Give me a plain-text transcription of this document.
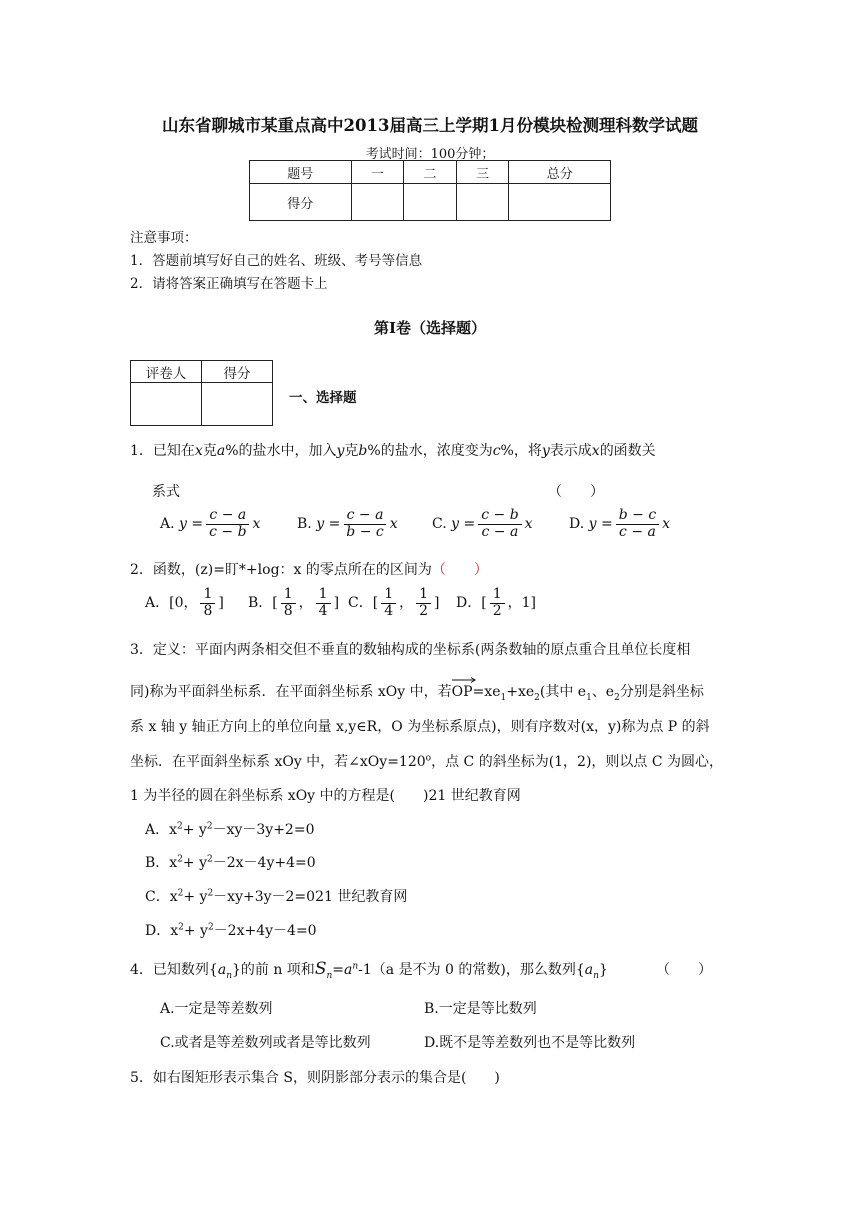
山东省聊城市某重点高中2013届高三上学期1月份模块检测理科数学试题
考试时间：100分钟；
题号	一	二	三	总分
得分				
注意事项：
1．答题前填写好自己的姓名、班级、考号等信息
2．请将答案正确填写在答题卡上
第I卷（选择题）
评卷人	得分

一、选择题
1．已知在x克a%的盐水中，加入y克b%的盐水，浓度变为c%，将y表示成x的函数关
系式	（　　）
A. $y = \frac{c - a}{c - b}$ x	B. $y = \frac{c - a}{b - c}$ x C. $y = \frac{c - b}{c - a}$ x	D. $y = \frac{b - c}{c - a}$ x
2．函数，(z)=盯*+log：x 的零点所在的区间为（　　）
A．[0， $\frac{1}{8}$ ] B．[ $\frac{1}{8}$ ， $\frac{1}{4}$ ] C．[ $\frac{1}{4}$ ， $\frac{1}{2}$ ] D．[ $\frac{1}{2}$ ，1]
3．定义：平面内两条相交但不垂直的数轴构成的坐标系(两条数轴的原点重合且单位长度相
同)称为平面斜坐标系．在平面斜坐标系 xOy 中，若
$OP=xe_1+xe_2$(其中 $e_1$、$e_2$分别是斜坐标
系 x 轴 y 轴正方向上的单位向量 x,y∈R，O 为坐标系原点)，则有序数对(x，y)称为点 P 的斜
坐标．在平面斜坐标系 xOy 中，若$\angle xOy=120^o$，点 C 的斜坐标为(1，2)，则以点 C 为圆心，
1 为半径的圆在斜坐标系 xOy 中的方程是(　　)21 世纪教育网
A．$x^2+ y^2-xy-3y+2=0$
B．$x^2+ y^2-2x-4y+4=0$
C．$x^2+ y^2-xy+3y-2=021$ 世纪教育网
D．$x^2+ y^2-2x+4y-4=0$
4．已知数列$\{a_n\}$的前 n 项和$S_n=a^n-1(a$ 是不为 0 的常数)，那么数列$\{a_n\}$	（　　）
A.一定是等差数列	B.一定是等比数列
C.或者是等差数列或者是等比数列	D.既不是等差数列也不是等比数列
5．如右图矩形表示集合 S，则阴影部分表示的集合是(　　)
